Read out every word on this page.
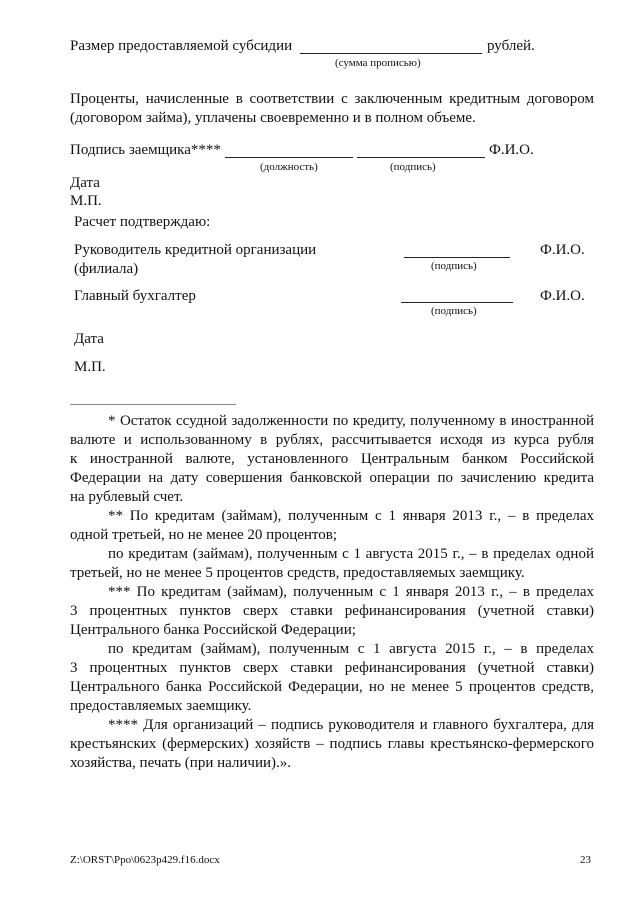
Размер предоставляемой субсидии	рублей.
(сумма прописью)
Проценты, начисленные в соответствии с заключенным кредитным договором
(договором займа), уплачены своевременно и в полном объеме.
Подпись заемщика****	Ф.И.О.
(должность)	(подпись)
Дата
М.П.
Расчет подтверждаю:
Руководитель кредитной организации
(филиала)	(подпись)
Ф.И.О.
Главный бухгалтер
(подпись)
Ф.И.О.
Дата
М.П.
* Остаток ссудной задолженности по кредиту, полученному в иностранной
валюте и использованному в рублях, рассчитывается исходя из курса рубля
к иностранной валюте, установленного Центральным банком Российской
Федерации на дату совершения банковской операции по зачислению кредита
на рублевый счет.
** По кредитам (займам), полученным с 1 января 2013 г., – в пределах
одной третьей, но не менее 20 процентов;
по кредитам (займам), полученным с 1 августа 2015 г., – в пределах одной
третьей, но не менее 5 процентов средств, предоставляемых заемщику.
*** По кредитам (займам), полученным с 1 января 2013 г., – в пределах
3 процентных пунктов сверх ставки рефинансирования (учетной ставки)
Центрального банка Российской Федерации;
по кредитам (займам), полученным с 1 августа 2015 г., – в пределах
3 процентных пунктов сверх ставки рефинансирования (учетной ставки)
Центрального банка Российской Федерации, но не менее 5 процентов средств,
предоставляемых заемщику.
**** Для организаций – подпись руководителя и главного бухгалтера, для
крестьянских (фермерских) хозяйств – подпись главы крестьянско-фермерского
хозяйства, печать (при наличии).».
Z:\ORST\Ppo\0623p429.f16.docx	23
